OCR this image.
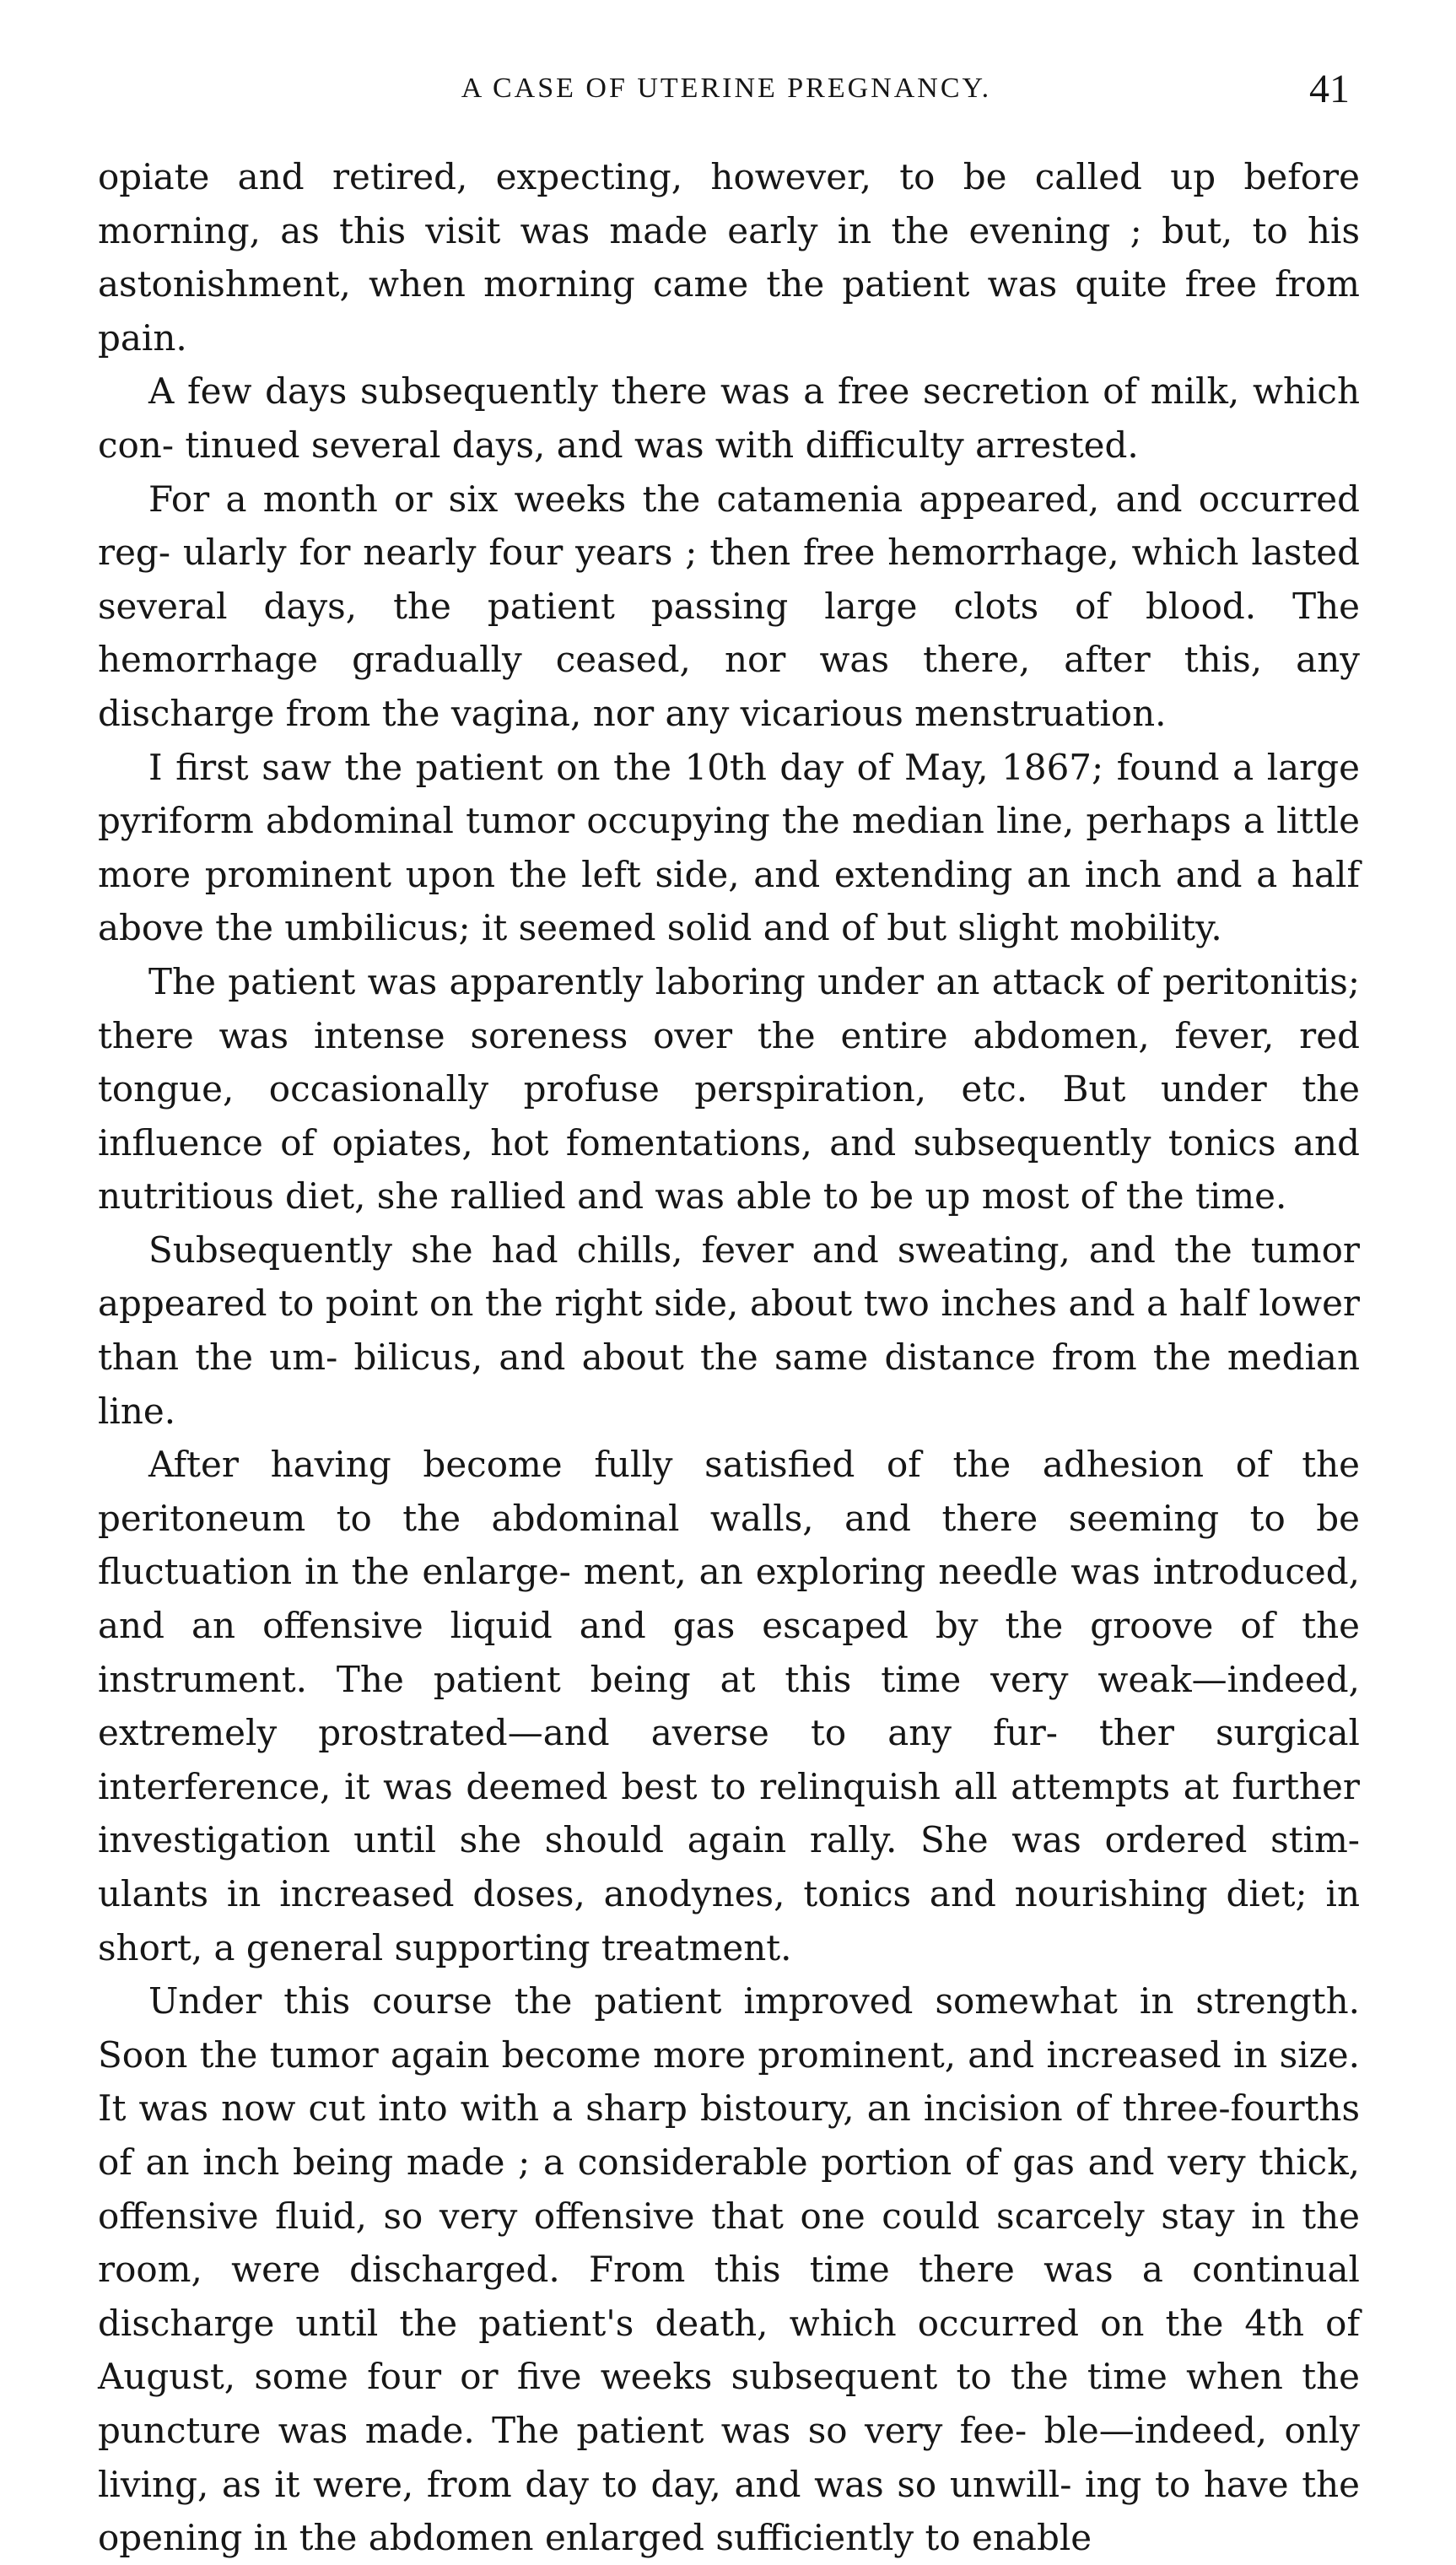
A CASE OF UTERINE PREGNANCY.	41

opiate and retired, expecting, however, to be called up before morning, as this visit was made early in the evening ; but, to his astonishment, when morning came the patient was quite free from pain.

A few days subsequently there was a free secretion of milk, which con- tinued several days, and was with difficulty arrested.

For a month or six weeks the catamenia appeared, and occurred reg- ularly for nearly four years ; then free hemorrhage, which lasted several days, the patient passing large clots of blood. The hemorrhage gradually ceased, nor was there, after this, any discharge from the vagina, nor any vicarious menstruation.

I first saw the patient on the 10th day of May, 1867; found a large pyriform abdominal tumor occupying the median line, perhaps a little more prominent upon the left side, and extending an inch and a half above the umbilicus; it seemed solid and of but slight mobility.

The patient was apparently laboring under an attack of peritonitis; there was intense soreness over the entire abdomen, fever, red tongue, occasionally profuse perspiration, etc. But under the influence of opiates, hot fomentations, and subsequently tonics and nutritious diet, she rallied and was able to be up most of the time.

Subsequently she had chills, fever and sweating, and the tumor appeared to point on the right side, about two inches and a half lower than the um- bilicus, and about the same distance from the median line.

After having become fully satisfied of the adhesion of the peritoneum to the abdominal walls, and there seeming to be fluctuation in the enlarge- ment, an exploring needle was introduced, and an offensive liquid and gas escaped by the groove of the instrument. The patient being at this time very weak—indeed, extremely prostrated—and averse to any fur- ther surgical interference, it was deemed best to relinquish all attempts at further investigation until she should again rally. She was ordered stim- ulants in increased doses, anodynes, tonics and nourishing diet; in short, a general supporting treatment.

Under this course the patient improved somewhat in strength. Soon the tumor again become more prominent, and increased in size. It was now cut into with a sharp bistoury, an incision of three-fourths of an inch being made ; a considerable portion of gas and very thick, offensive fluid, so very offensive that one could scarcely stay in the room, were discharged. From this time there was a continual discharge until the patient's death, which occurred on the 4th of August, some four or five weeks subsequent to the time when the puncture was made. The patient was so very fee- ble—indeed, only living, as it were, from day to day, and was so unwill- ing to have the opening in the abdomen enlarged sufficiently to enable
